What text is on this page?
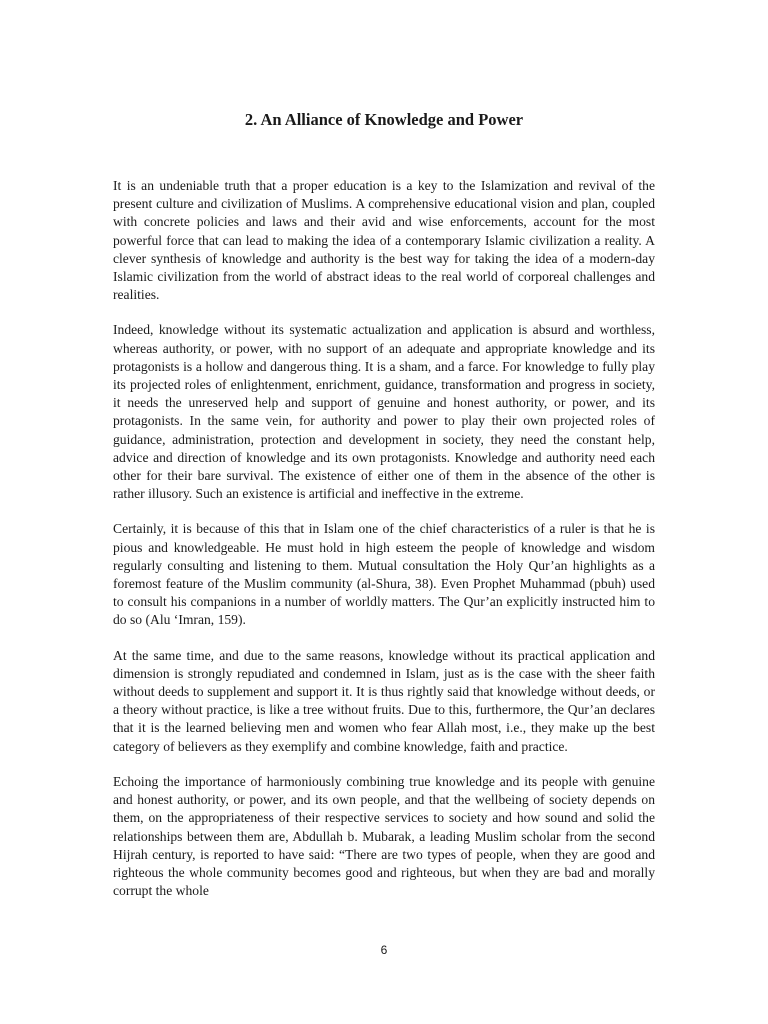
2. An Alliance of Knowledge and Power

It is an undeniable truth that a proper education is a key to the Islamization and revival of the present culture and civilization of Muslims. A comprehensive educational vision and plan, coupled with concrete policies and laws and their avid and wise enforcements, account for the most powerful force that can lead to making the idea of a contemporary Islamic civilization a reality. A clever synthesis of knowledge and authority is the best way for taking the idea of a modern-day Islamic civilization from the world of abstract ideas to the real world of corporeal challenges and realities.

Indeed, knowledge without its systematic actualization and application is absurd and worthless, whereas authority, or power, with no support of an adequate and appropriate knowledge and its protagonists is a hollow and dangerous thing. It is a sham, and a farce. For knowledge to fully play its projected roles of enlightenment, enrichment, guidance, transformation and progress in society, it needs the unreserved help and support of genuine and honest authority, or power, and its protagonists. In the same vein, for authority and power to play their own projected roles of guidance, administration, protection and development in society, they need the constant help, advice and direction of knowledge and its own protagonists. Knowledge and authority need each other for their bare survival. The existence of either one of them in the absence of the other is rather illusory. Such an existence is artificial and ineffective in the extreme.

Certainly, it is because of this that in Islam one of the chief characteristics of a ruler is that he is pious and knowledgeable. He must hold in high esteem the people of knowledge and wisdom regularly consulting and listening to them. Mutual consultation the Holy Qur’an highlights as a foremost feature of the Muslim community (al-Shura, 38). Even Prophet Muhammad (pbuh) used to consult his companions in a number of worldly matters. The Qur’an explicitly instructed him to do so (Alu ‘Imran, 159).

At the same time, and due to the same reasons, knowledge without its practical application and dimension is strongly repudiated and condemned in Islam, just as is the case with the sheer faith without deeds to supplement and support it. It is thus rightly said that knowledge without deeds, or a theory without practice, is like a tree without fruits. Due to this, furthermore, the Qur’an declares that it is the learned believing men and women who fear Allah most, i.e., they make up the best category of believers as they exemplify and combine knowledge, faith and practice.

Echoing the importance of harmoniously combining true knowledge and its people with genuine and honest authority, or power, and its own people, and that the wellbeing of society depends on them, on the appropriateness of their respective services to society and how sound and solid the relationships between them are, Abdullah b. Mubarak, a leading Muslim scholar from the second Hijrah century, is reported to have said: “There are two types of people, when they are good and righteous the whole community becomes good and righteous, but when they are bad and morally corrupt the whole

6
